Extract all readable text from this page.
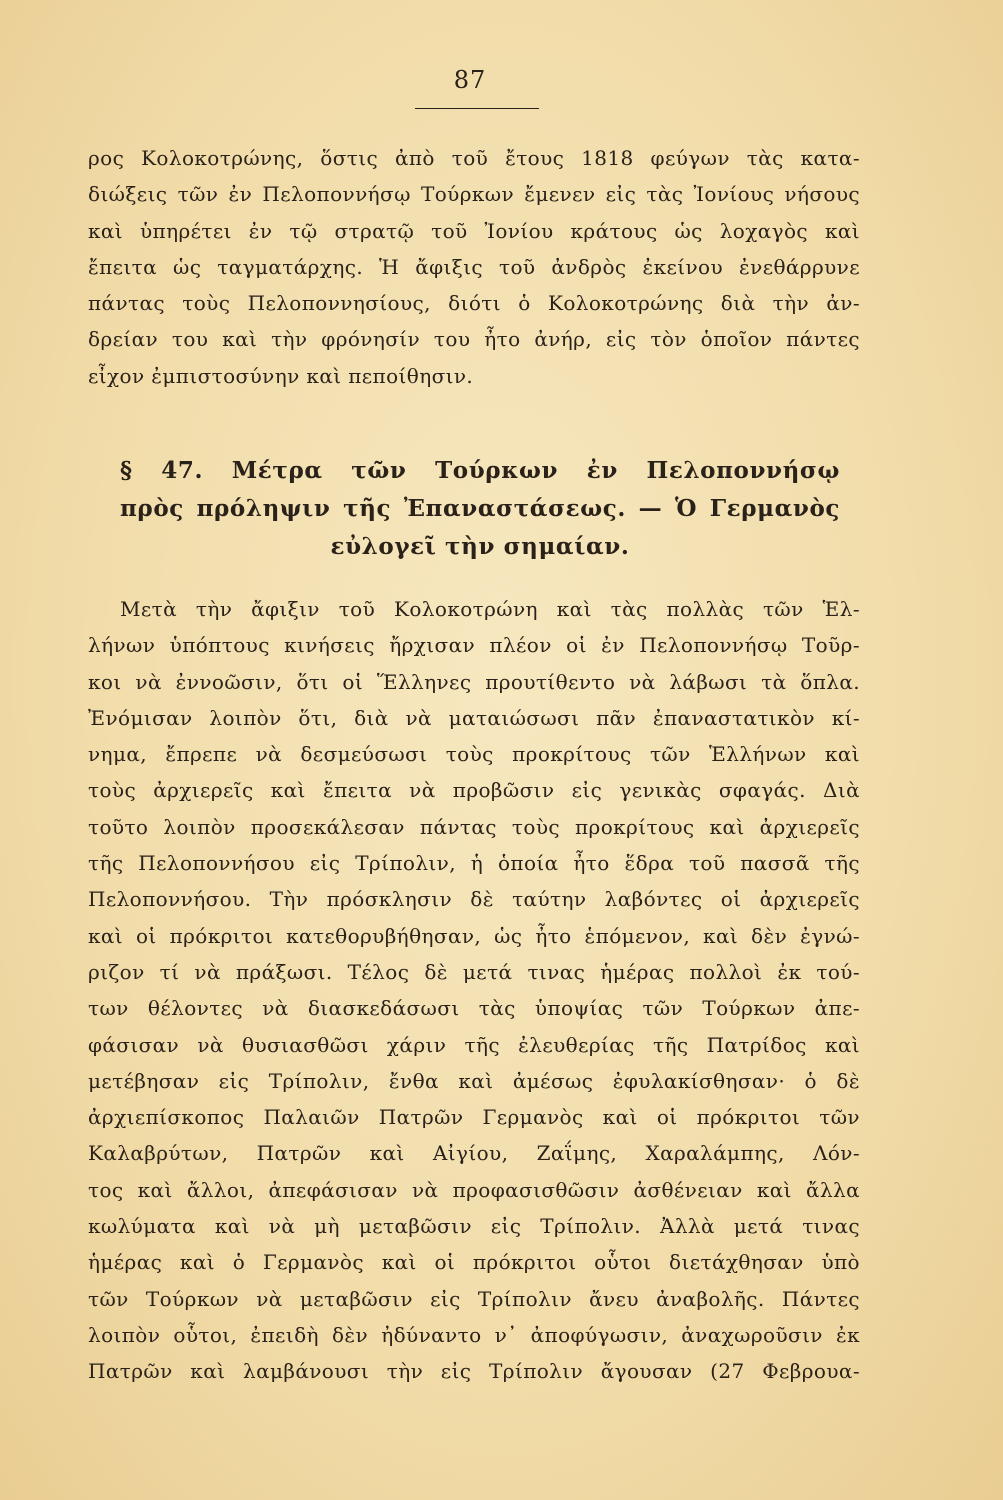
87
ρος Κολοκοτρώνης, ὅστις ἀπὸ τοῦ ἔτους 1818 φεύγων τὰς κατα-
διώξεις τῶν ἐν Πελοποννήσῳ Τούρκων ἔμενεν εἰς τὰς Ἰονίους νήσους
καὶ ὑπηρέτει ἐν τῷ στρατῷ τοῦ Ἰονίου κράτους ὡς λοχαγὸς καὶ
ἔπειτα ὡς ταγματάρχης. Ἡ ἄφιξις τοῦ ἀνδρὸς ἐκείνου ἐνεθάρρυνε
πάντας τοὺς Πελοποννησίους, διότι ὁ Κολοκοτρώνης διὰ τὴν ἀν-
δρείαν του καὶ τὴν φρόνησίν του ἦτο ἀνήρ, εἰς τὸν ὁποῖον πάντες
εἶχον ἐμπιστοσύνην καὶ πεποίθησιν.
§ 47. Μέτρα τῶν Τούρκων ἐν Πελοποννήσῳ
πρὸς πρόληψιν τῆς Ἐπαναστάσεως. — Ὁ Γερμανὸς
εὐλογεῖ τὴν σημαίαν.
Μετὰ τὴν ἄφιξιν τοῦ Κολοκοτρώνη καὶ τὰς πολλὰς τῶν Ἑλ-
λήνων ὑπόπτους κινήσεις ἤρχισαν πλέον οἱ ἐν Πελοποννήσῳ Τοῦρ-
κοι νὰ ἐννοῶσιν, ὅτι οἱ Ἕλληνες προυτίθεντο νὰ λάβωσι τὰ ὅπλα.
Ἐνόμισαν λοιπὸν ὅτι, διὰ νὰ ματαιώσωσι πᾶν ἐπαναστατικὸν κί-
νημα, ἔπρεπε νὰ δεσμεύσωσι τοὺς προκρίτους τῶν Ἑλλήνων καὶ
τοὺς ἀρχιερεῖς καὶ ἔπειτα νὰ προβῶσιν εἰς γενικὰς σφαγάς. Διὰ
τοῦτο λοιπὸν προσεκάλεσαν πάντας τοὺς προκρίτους καὶ ἀρχιερεῖς
τῆς Πελοποννήσου εἰς Τρίπολιν, ἡ ὁποία ἦτο ἕδρα τοῦ πασσᾶ τῆς
Πελοποννήσου. Τὴν πρόσκλησιν δὲ ταύτην λαβόντες οἱ ἀρχιερεῖς
καὶ οἱ πρόκριτοι κατεθορυβήθησαν, ὡς ἦτο ἑπόμενον, καὶ δὲν ἐγνώ-
ριζον τί νὰ πράξωσι. Τέλος δὲ μετά τινας ἡμέρας πολλοὶ ἐκ τού-
των θέλοντες νὰ διασκεδάσωσι τὰς ὑποψίας τῶν Τούρκων ἀπε-
φάσισαν νὰ θυσιασθῶσι χάριν τῆς ἐλευθερίας τῆς Πατρίδος καὶ
μετέβησαν εἰς Τρίπολιν, ἔνθα καὶ ἀμέσως ἐφυλακίσθησαν· ὁ δὲ
ἀρχιεπίσκοπος Παλαιῶν Πατρῶν Γερμανὸς καὶ οἱ πρόκριτοι τῶν
Καλαβρύτων, Πατρῶν καὶ Αἰγίου, Ζαΐμης, Χαραλάμπης, Λόν-
τος καὶ ἄλλοι, ἀπεφάσισαν νὰ προφασισθῶσιν ἀσθένειαν καὶ ἄλλα
κωλύματα καὶ νὰ μὴ μεταβῶσιν εἰς Τρίπολιν. Ἀλλὰ μετά τινας
ἡμέρας καὶ ὁ Γερμανὸς καὶ οἱ πρόκριτοι οὗτοι διετάχθησαν ὑπὸ
τῶν Τούρκων νὰ μεταβῶσιν εἰς Τρίπολιν ἄνευ ἀναβολῆς. Πάντες
λοιπὸν οὗτοι, ἐπειδὴ δὲν ἠδύναντο ν᾽ ἀποφύγωσιν, ἀναχωροῦσιν ἐκ
Πατρῶν καὶ λαμβάνουσι τὴν εἰς Τρίπολιν ἄγουσαν (27 Φεβρουα-
